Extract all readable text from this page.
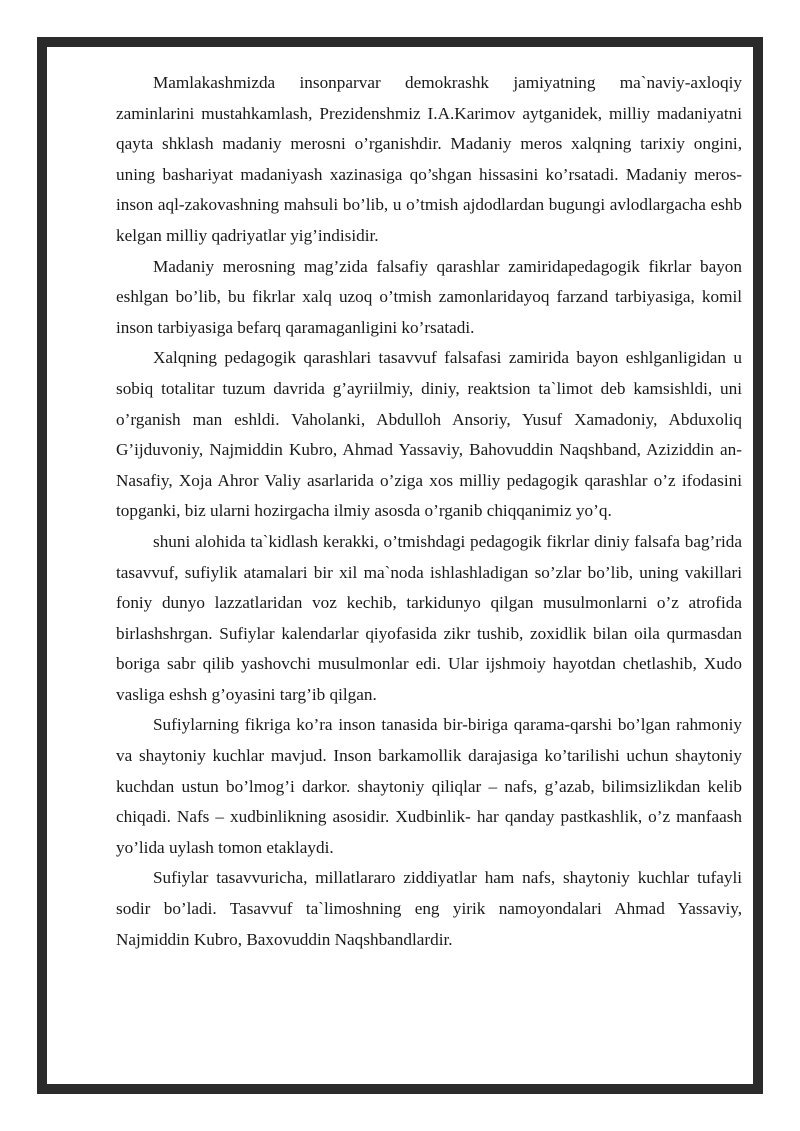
Mamlakashmizda insonparvar demokrashk jamiyatning ma`naviy-axloqiy zaminlarini mustahkamlash, Prezidenshmiz I.A.Karimov aytganidek, milliy madaniyatni qayta shklash madaniy merosni o’rganishdir. Madaniy meros xalqning tarixiy ongini, uning bashariyat madaniyash xazinasiga qo’shgan hissasini ko’rsatadi. Madaniy meros- inson aql-zakovashning mahsuli bo’lib, u o’tmish ajdodlardan bugungi avlodlargacha eshb kelgan milliy qadriyatlar yig’indisidir.

Madaniy merosning mag’zida falsafiy qarashlar zamiridapedagogik fikrlar bayon eshlgan bo’lib, bu fikrlar xalq uzoq o’tmish zamonlaridayoq farzand tarbiyasiga, komil inson tarbiyasiga befarq qaramaganligini ko’rsatadi.

Xalqning pedagogik qarashlari tasavvuf falsafasi zamirida bayon eshlganligidan u sobiq totalitar tuzum davrida g’ayriilmiy, diniy, reaktsion ta`limot deb kamsishldi, uni o’rganish man eshldi. Vaholanki, Abdulloh Ansoriy, Yusuf Xamadoniy, Abduxoliq G’ijduvoniy, Najmiddin Kubro, Ahmad Yassaviy, Bahovuddin Naqshband, Aziziddin an-Nasafiy, Xoja Ahror Valiy asarlarida o’ziga xos milliy pedagogik qarashlar o’z ifodasini topganki, biz ularni hozirgacha ilmiy asosda o’rganib chiqqanimiz yo’q.

shuni alohida ta`kidlash kerakki, o’tmishdagi pedagogik fikrlar diniy falsafa bag’rida tasavvuf, sufiylik atamalari bir xil ma`noda ishlashladigan so’zlar bo’lib, uning vakillari foniy dunyo lazzatlaridan voz kechib, tarkidunyo qilgan musulmonlarni o’z atrofida birlashshrgan. Sufiylar kalendarlar qiyofasida zikr tushib, zoxidlik bilan oila qurmasdan boriga sabr qilib yashovchi musulmonlar edi. Ular ijshmoiy hayotdan chetlashib, Xudo vasliga eshsh g’oyasini targ’ib qilgan.

Sufiylarning fikriga ko’ra inson tanasida bir-biriga qarama-qarshi bo’lgan rahmoniy va shaytoniy kuchlar mavjud. Inson barkamollik darajasiga ko’tarilishi uchun shaytoniy kuchdan ustun bo’lmog’i darkor. shaytoniy qiliqlar – nafs, g’azab, bilimsizlikdan kelib chiqadi. Nafs – xudbinlikning asosidir. Xudbinlik- har qanday pastkashlik, o’z manfaash yo’lida uylash tomon etaklaydi.

Sufiylar tasavvuricha, millatlararo ziddiyatlar ham nafs, shaytoniy kuchlar tufayli sodir bo’ladi. Tasavvuf ta`limoshning eng yirik namoyondalari Ahmad Yassaviy, Najmiddin Kubro, Baxovuddin Naqshbandlardir.
